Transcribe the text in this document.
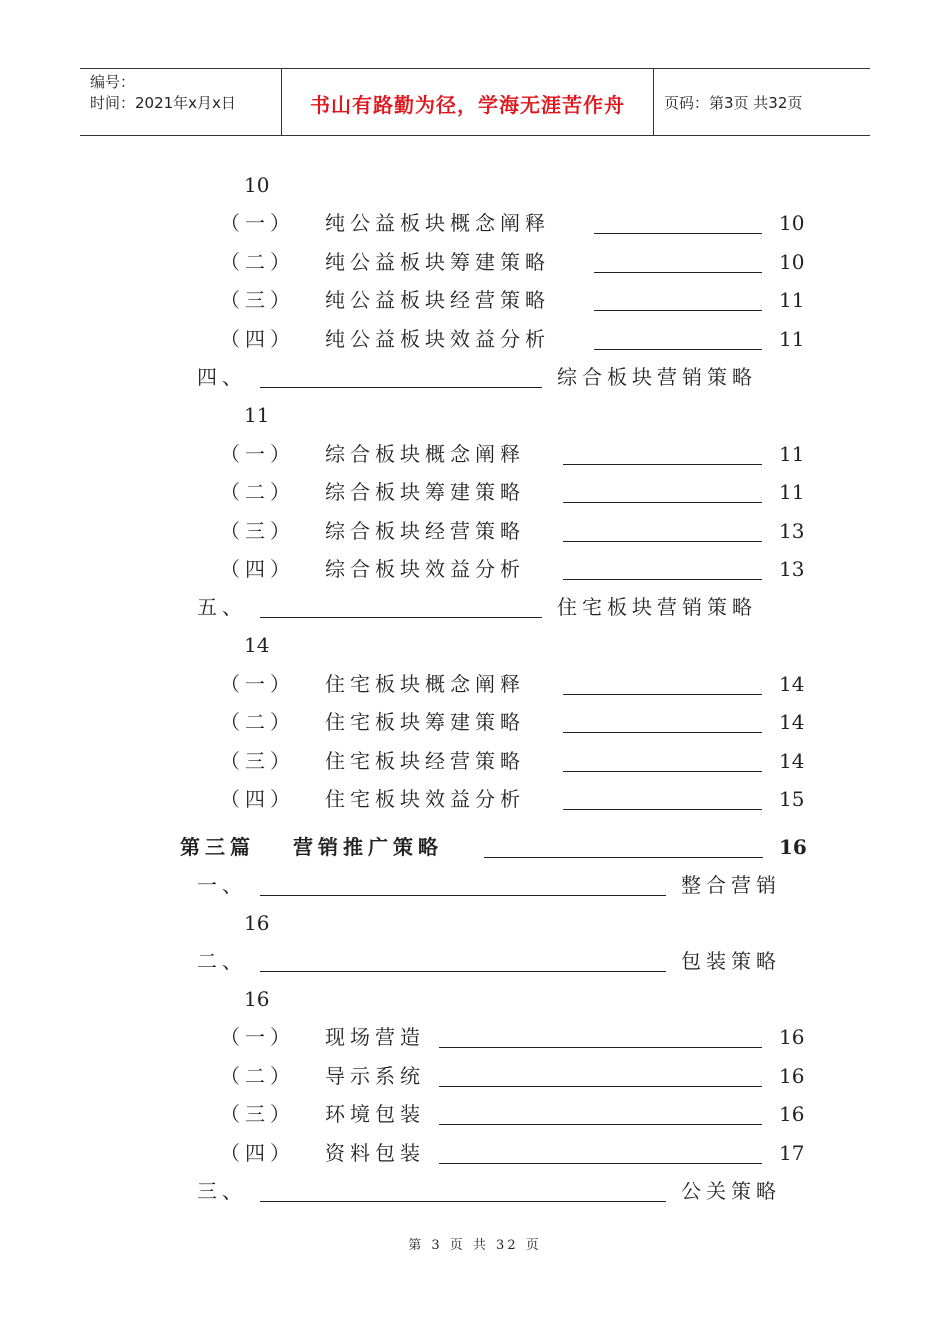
编号：
时间：2021年x月x日	书山有路勤为径，学海无涯苦作舟	页码：第3页 共32页
10
（一） 纯公益板块概念阐释	10
（二） 纯公益板块筹建策略	10
（三） 纯公益板块经营策略	11
（四） 纯公益板块效益分析	11
四、	综合板块营销策略
11
（一） 综合板块概念阐释	11
（二） 综合板块筹建策略	11
（三） 综合板块经营策略	13
（四） 综合板块效益分析	13
五、	住宅板块营销策略
14
（一） 住宅板块概念阐释	14
（二） 住宅板块筹建策略	14
（三） 住宅板块经营策略	14
（四） 住宅板块效益分析	15
第三篇 营销推广策略	16
一、	整合营销
16
二、	包装策略
16
（一） 现场营造	16
（二） 导示系统	16
（三） 环境包装	16
（四） 资料包装	17
三、	公关策略
第 3 页 共 32 页
